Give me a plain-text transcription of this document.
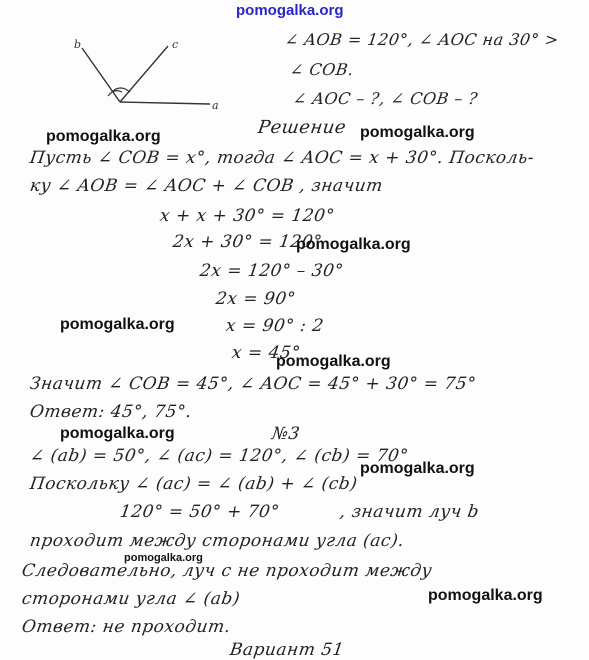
pomogalka.org
b	c
a
∠ AOB = 120°, ∠ AOC на 30° >
∠ COB.
∠ AOC – ?, ∠ COB – ?
Решение
pomogalka.org	pomogalka.org
Пусть ∠ COB = x°, тогда ∠ AOC = x + 30°. Посколь-
ку ∠ AOB = ∠ AOC + ∠ COB , значит
x + x + 30° = 120°
2x + 30° = 120°
pomogalka.org
2x = 120° – 30°
2x = 90°
pomogalka.org	x = 90° : 2
x = 45°
pomogalka.org
Значит ∠ COB = 45°, ∠ AOC = 45° + 30° = 75°
Ответ: 45°, 75°.
pomogalka.org	№3
∠ (ab) = 50°, ∠ (ac) = 120°, ∠ (cb) = 70°
pomogalka.org
Поскольку ∠ (ac) = ∠ (ab) + ∠ (cb)
120° = 50° + 70°	, значит луч b
проходит между сторонами угла (ac).
pomogalka.org
Следовательно, луч c не проходит между
сторонами угла ∠ (ab)	pomogalka.org
Ответ: не проходит.
Вариант 51
